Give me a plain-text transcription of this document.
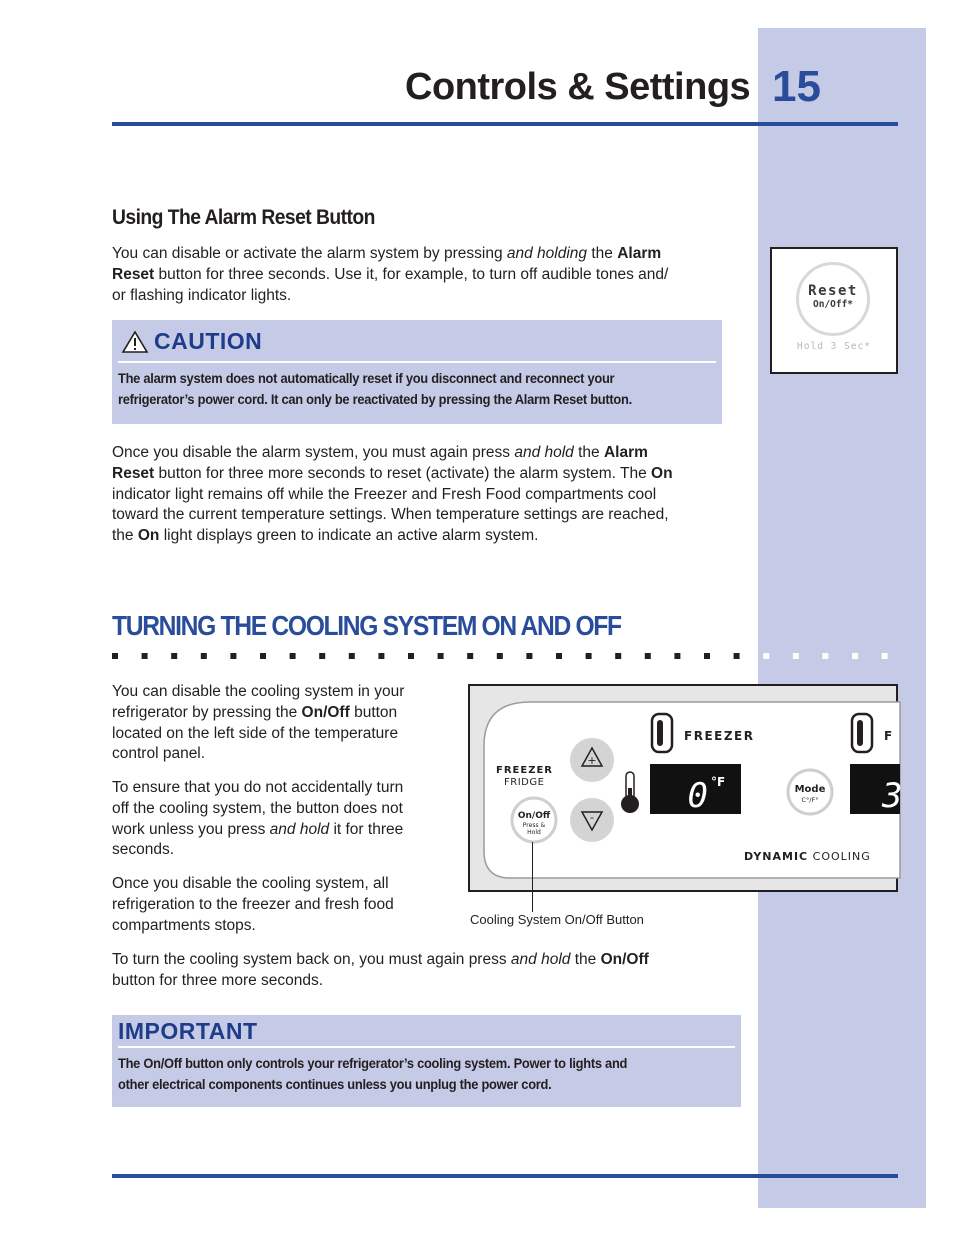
Controls & Settings 15
Using The Alarm Reset Button
You can disable or activate the alarm system by pressing and holding the Alarm
Reset button for three seconds. Use it, for example, to turn off audible tones and/
or flashing indicator lights.	Reset
On/Off*
Hold 3 Sec*
CAUTION
The alarm system does not automatically reset if you disconnect and reconnect your
refrigerator’s power cord. It can only be reactivated by pressing the Alarm Reset button.
Once you disable the alarm system, you must again press and hold the Alarm
Reset button for three more seconds to reset (activate) the alarm system. The On
indicator light remains off while the Freezer and Fresh Food compartments cool
toward the current temperature settings. When temperature settings are reached,
the On light displays green to indicate an active alarm system.
TURNING THE COOLING SYSTEM ON AND OFF
You can disable the cooling system in your
refrigerator by pressing the On/Off button
located on the left side of the temperature
control panel.
To ensure that you do not accidentally turn
off the cooling system, the button does not
work unless you press and hold it for three
seconds.
Once you disable the cooling system, all
refrigeration to the freezer and fresh food
compartments stops.
FREEZER
FRIDGE
+
-
On/Off
Press &
Hold
FREEZER	F
0 °F
Mode
C°/F° 3
DYNAMIC COOLING
Cooling System On/Off Button
To turn the cooling system back on, you must again press and hold the On/Off
button for three more seconds.
IMPORTANT
The On/Off button only controls your refrigerator’s cooling system. Power to lights and
other electrical components continues unless you unplug the power cord.
